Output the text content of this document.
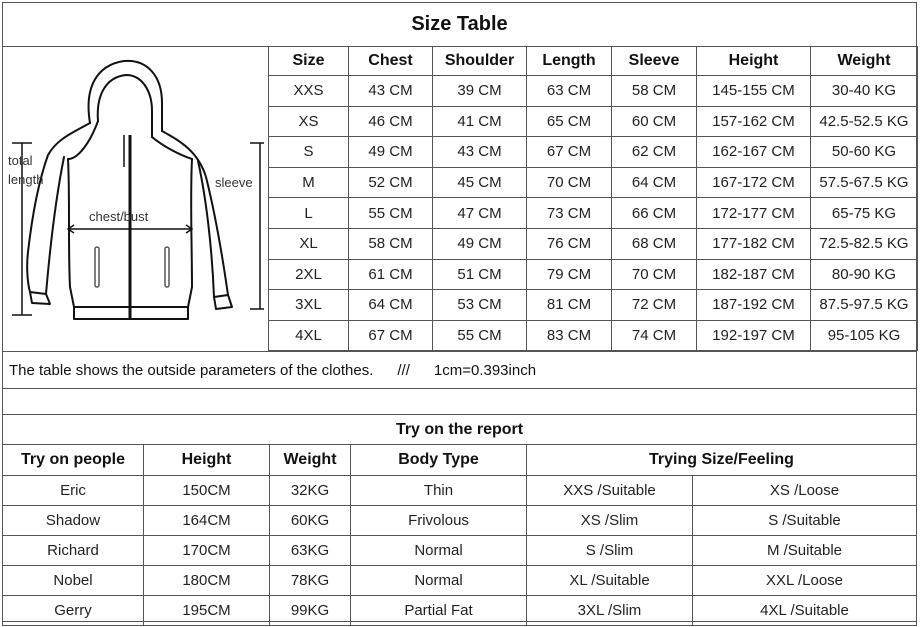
Size Table
total
length	sleeve
chest/bust
Size	Chest	Shoulder	Length	Sleeve	Height	Weight
XXS	43 CM	39 CM	63 CM	58 CM	145-155 CM	30-40 KG
XS	46 CM	41 CM	65 CM	60 CM	157-162 CM	42.5-52.5 KG
S	49 CM	43 CM	67 CM	62 CM	162-167 CM	50-60 KG
M	52 CM	45 CM	70 CM	64 CM	167-172 CM	57.5-67.5 KG
L	55 CM	47 CM	73 CM	66 CM	172-177 CM	65-75 KG
XL	58 CM	49 CM	76 CM	68 CM	177-182 CM	72.5-82.5 KG
2XL	61 CM	51 CM	79 CM	70 CM	182-187 CM	80-90 KG
3XL	64 CM	53 CM	81 CM	72 CM	187-192 CM	87.5-97.5 KG
4XL	67 CM	55 CM	83 CM	74 CM	192-197 CM	95-105 KG
The table shows the outside parameters of the clothes. /// 1cm=0.393inch
Try on the report
Try on people	Height	Weight	Body Type	Trying Size/Feeling	
Eric	150CM	32KG	Thin	XXS /Suitable	XS /Loose
Shadow	164CM	60KG	Frivolous	XS /Slim	S /Suitable
Richard	170CM	63KG	Normal	S /Slim	M /Suitable
Nobel	180CM	78KG	Normal	XL /Suitable	XXL /Loose
Gerry	195CM	99KG	Partial Fat	3XL /Slim	4XL /Suitable
